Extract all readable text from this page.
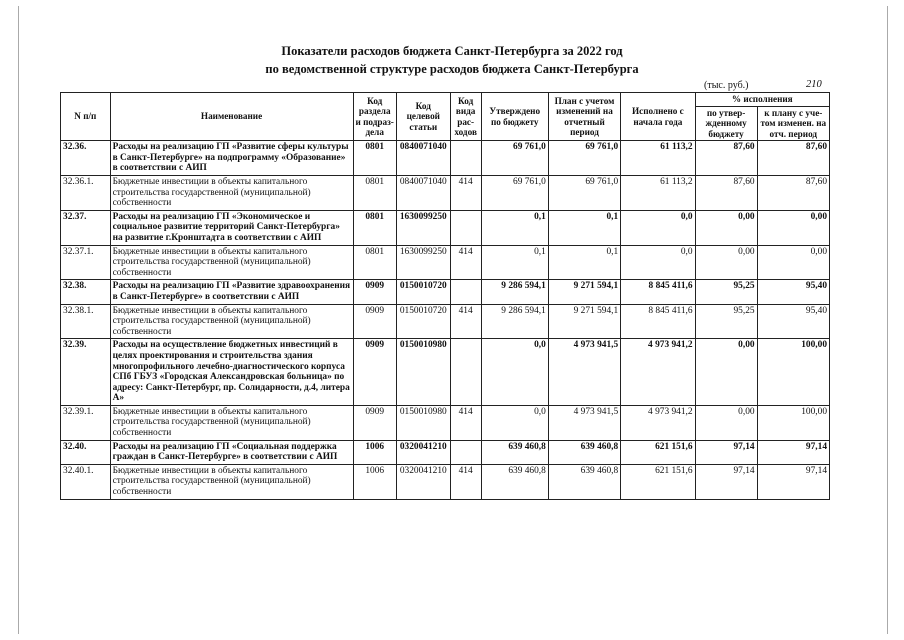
Показатели расходов бюджета Санкт-Петербурга за 2022 год
по ведомственной структуре расходов бюджета Санкт-Петербурга
(тыс. руб.)	210
N п/п	Наименование	Код раздела и подраз-дела	Код целевой статьи	Код вида рас-ходов	Утверждено по бюджету	План с учетом изменений на отчетный период	Исполнено с начала года	% исполнения	
								по утвер-жденному бюджету	к плану с уче-том изменен. на отч. период
32.36.	Расходы на реализацию ГП «Развитие сферы культуры в Санкт-Петербурге» на подпрограмму «Образование» в соответствии с АИП	0801	0840071040		69 761,0	69 761,0	61 113,2	87,60	87,60
32.36.1.	Бюджетные инвестиции в объекты капитального строительства государственной (муниципальной) собственности	0801	0840071040	414	69 761,0	69 761,0	61 113,2	87,60	87,60
32.37.	Расходы на реализацию ГП «Экономическое и социальное развитие территорий Санкт-Петербурга» на развитие г.Кронштадта в соответствии с АИП	0801	1630099250		0,1	0,1	0,0	0,00	0,00
32.37.1.	Бюджетные инвестиции в объекты капитального строительства государственной (муниципальной) собственности	0801	1630099250	414	0,1	0,1	0,0	0,00	0,00
32.38.	Расходы на реализацию ГП «Развитие здравоохранения в Санкт-Петербурге» в соответствии с АИП	0909	0150010720		9 286 594,1	9 271 594,1	8 845 411,6	95,25	95,40
32.38.1.	Бюджетные инвестиции в объекты капитального строительства государственной (муниципальной) собственности	0909	0150010720	414	9 286 594,1	9 271 594,1	8 845 411,6	95,25	95,40
32.39.	Расходы на осуществление бюджетных инвестиций в целях проектирования и строительства здания многопрофильного лечебно-диагностического корпуса СПб ГБУЗ «Городская Александровская больница» по адресу: Санкт-Петербург, пр. Солидарности, д.4, литера А»	0909	0150010980		0,0	4 973 941,5	4 973 941,2	0,00	100,00
32.39.1.	Бюджетные инвестиции в объекты капитального строительства государственной (муниципальной) собственности	0909	0150010980	414	0,0	4 973 941,5	4 973 941,2	0,00	100,00
32.40.	Расходы на реализацию ГП «Социальная поддержка граждан в Санкт-Петербурге» в соответствии с АИП	1006	0320041210		639 460,8	639 460,8	621 151,6	97,14	97,14
32.40.1.	Бюджетные инвестиции в объекты капитального строительства государственной (муниципальной) собственности	1006	0320041210	414	639 460,8	639 460,8	621 151,6	97,14	97,14
